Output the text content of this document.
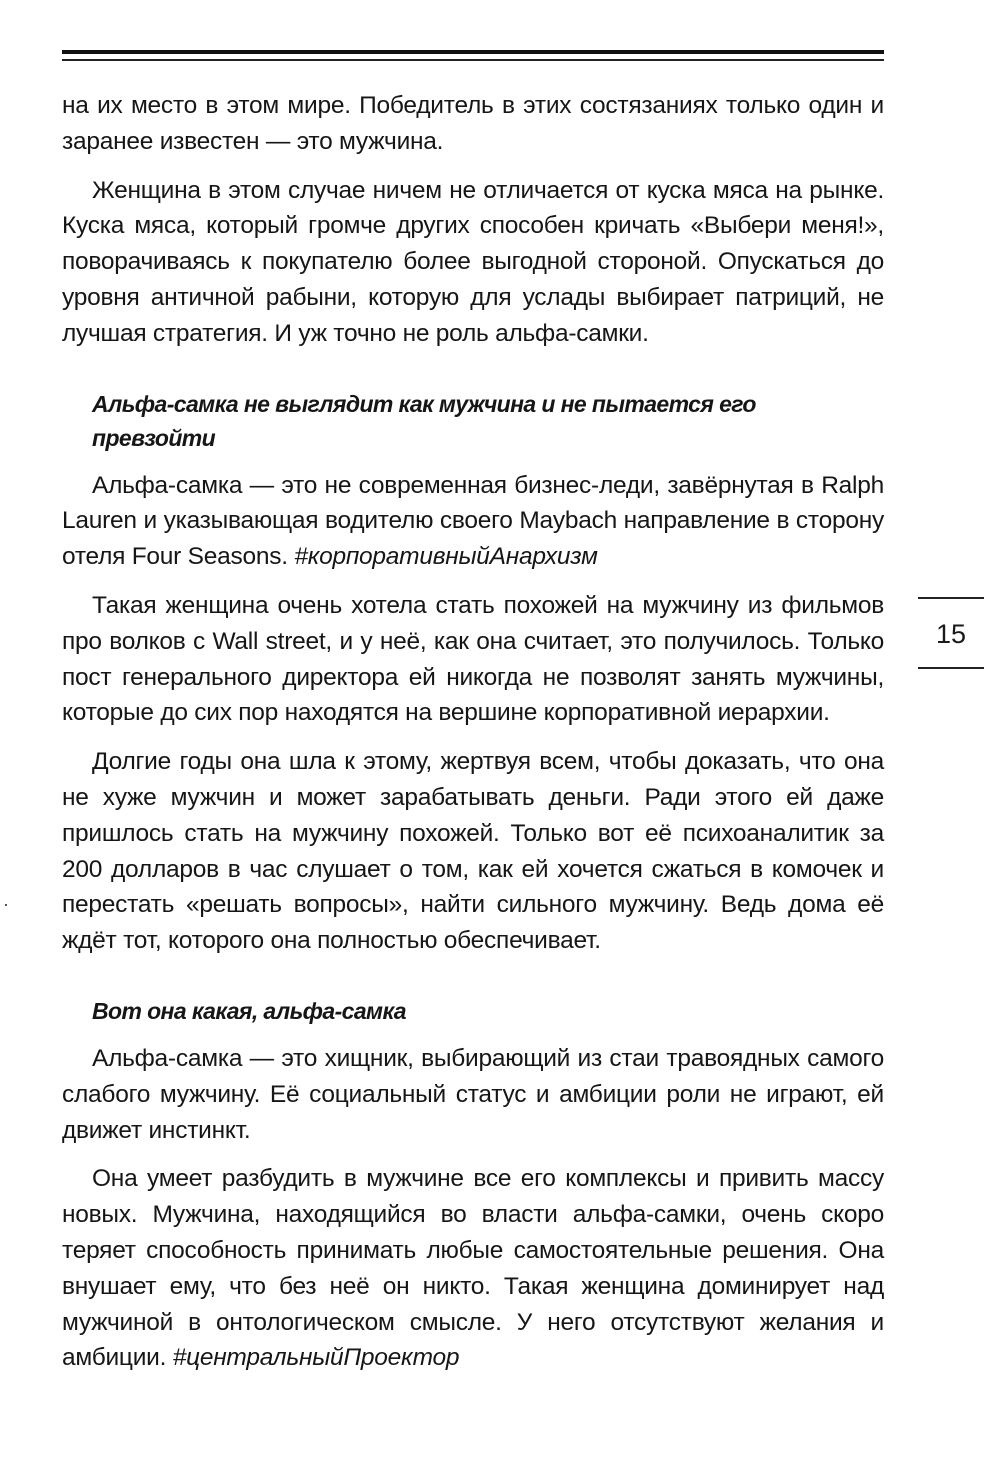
на их место в этом мире. Победитель в этих состязаниях только один и заранее известен — это мужчина.

Женщина в этом случае ничем не отличается от куска мяса на рынке. Куска мяса, который громче других способен кричать «Выбери меня!», поворачиваясь к покупателю более выгодной стороной. Опускаться до уровня античной рабыни, которую для услады выбирает патриций, не лучшая стратегия. И уж точно не роль альфа-самки.

Альфа-самка не выглядит как мужчина и не пытается его превзойти

Альфа-самка — это не современная бизнес-леди, завёрнутая в Ralph Lauren и указывающая водителю своего Maybach направление в сторону отеля Four Seasons. #корпоративныйАнархизм

Такая женщина очень хотела стать похожей на мужчину из фильмов про волков с Wall street, и у неё, как она считает, это получилось. Только пост генерального директора ей никогда не позволят занять мужчины, которые до сих пор находятся на вершине корпоративной иерархии.

Долгие годы она шла к этому, жертвуя всем, чтобы доказать, что она не хуже мужчин и может зарабатывать деньги. Ради этого ей даже пришлось стать на мужчину похожей. Только вот её психоаналитик за 200 долларов в час слушает о том, как ей хочется сжаться в комочек и перестать «решать вопросы», найти сильного мужчину. Ведь дома её ждёт тот, которого она полностью обеспечивает.

Вот она какая, альфа-самка

Альфа-самка — это хищник, выбирающий из стаи травоядных самого слабого мужчину. Её социальный статус и амбиции роли не играют, ей движет инстинкт.

Она умеет разбудить в мужчине все его комплексы и привить массу новых. Мужчина, находящийся во власти альфа-самки, очень скоро теряет способность принимать любые самостоятельные решения. Она внушает ему, что без неё он никто. Такая женщина доминирует над мужчиной в онтологическом смысле. У него отсутствуют желания и амбиции. #центральныйПроектор

15
